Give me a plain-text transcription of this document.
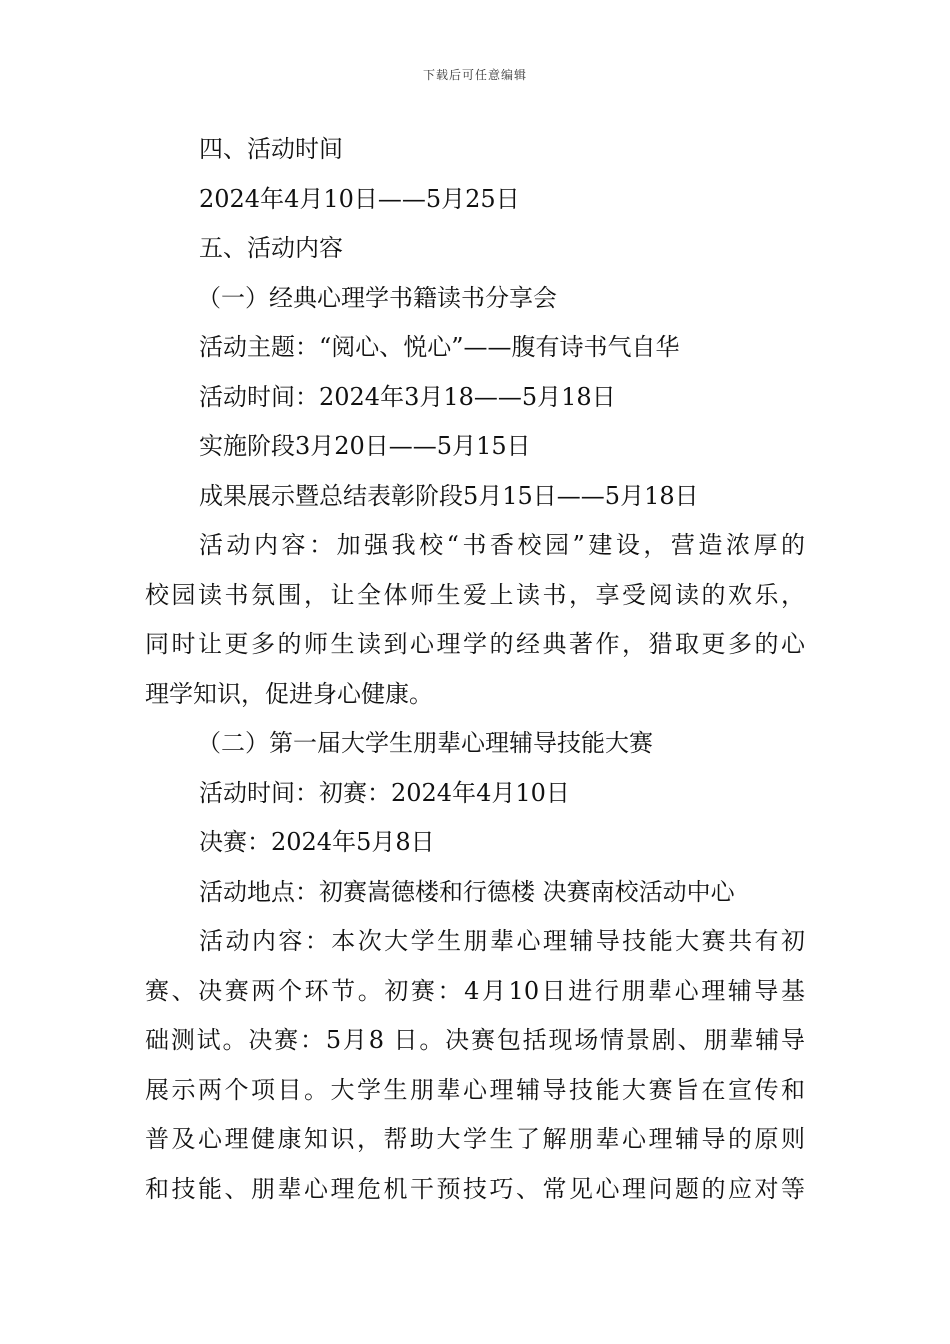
下载后可任意编辑
四、活动时间
2024年4月10日——5月25日
五、活动内容
（一）经典心理学书籍读书分享会
活动主题：“阅心、悦心”——腹有诗书气自华
活动时间：2024年3月18——5月18日
实施阶段3月20日——5月15日
成果展示暨总结表彰阶段5月15日——5月18日
活动内容：加强我校“书香校园”建设，营造浓厚的
校园读书氛围，让全体师生爱上读书，享受阅读的欢乐，
同时让更多的师生读到心理学的经典著作，猎取更多的心
理学知识，促进身心健康。
（二）第一届大学生朋辈心理辅导技能大赛
活动时间：初赛：2024年4月10日
决赛：2024年5月8日
活动地点：初赛嵩德楼和行德楼 决赛南校活动中心
活动内容：本次大学生朋辈心理辅导技能大赛共有初
赛、决赛两个环节。初赛：4月10日进行朋辈心理辅导基
础测试。决赛：5月8 日。决赛包括现场情景剧、朋辈辅导
展示两个项目。大学生朋辈心理辅导技能大赛旨在宣传和
普及心理健康知识，帮助大学生了解朋辈心理辅导的原则
和技能、朋辈心理危机干预技巧、常见心理问题的应对等
